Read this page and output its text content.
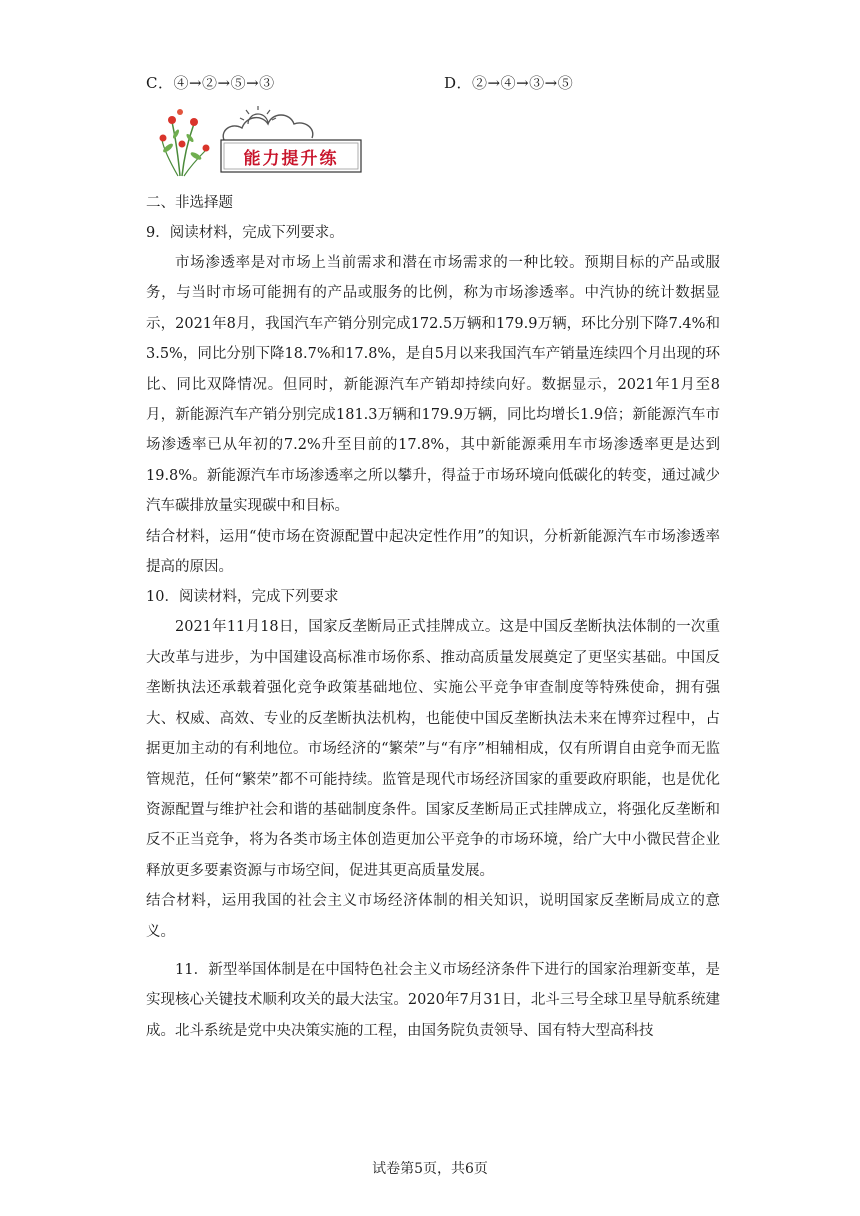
C．④→②→⑤→③	D．②→④→③→⑤
能力提升练

二、非选择题

9．阅读材料，完成下列要求。

市场渗透率是对市场上当前需求和潜在市场需求的一种比较。预期目标的产品或服务，与当时市场可能拥有的产品或服务的比例，称为市场渗透率。中汽协的统计数据显示，2021年8月，我国汽车产销分别完成172.5万辆和179.9万辆，环比分别下降7.4%和3.5%，同比分别下降18.7%和17.8%，是自5月以来我国汽车产销量连续四个月出现的环比、同比双降情况。但同时，新能源汽车产销却持续向好。数据显示，2021年1月至8月，新能源汽车产销分别完成181.3万辆和179.9万辆，同比均增长1.9倍；新能源汽车市场渗透率已从年初的7.2%升至目前的17.8%，其中新能源乘用车市场渗透率更是达到19.8%。新能源汽车市场渗透率之所以攀升，得益于市场环境向低碳化的转变，通过减少汽车碳排放量实现碳中和目标。

结合材料，运用“使市场在资源配置中起决定性作用”的知识，分析新能源汽车市场渗透率提高的原因。

10．阅读材料，完成下列要求

2021年11月18日，国家反垄断局正式挂牌成立。这是中国反垄断执法体制的一次重大改革与进步，为中国建设高标准市场你系、推动高质量发展奠定了更坚实基础。中国反垄断执法还承载着强化竞争政策基础地位、实施公平竞争审查制度等特殊使命，拥有强大、权威、高效、专业的反垄断执法机构，也能使中国反垄断执法未来在博弈过程中，占据更加主动的有利地位。市场经济的“繁荣”与“有序”相辅相成，仅有所谓自由竞争而无监管规范，任何“繁荣”都不可能持续。监管是现代市场经济国家的重要政府职能，也是优化资源配置与维护社会和谐的基础制度条件。国家反垄断局正式挂牌成立，将强化反垄断和反不正当竞争，将为各类市场主体创造更加公平竞争的市场环境，给广大中小微民营企业释放更多要素资源与市场空间，促进其更高质量发展。

结合材料，运用我国的社会主义市场经济体制的相关知识，说明国家反垄断局成立的意义。

11．新型举国体制是在中国特色社会主义市场经济条件下进行的国家治理新变革，是实现核心关键技术顺利攻关的最大法宝。2020年7月31日，北斗三号全球卫星导航系统建成。北斗系统是党中央决策实施的工程，由国务院负责领导、国有特大型高科技

试卷第5页，共6页
